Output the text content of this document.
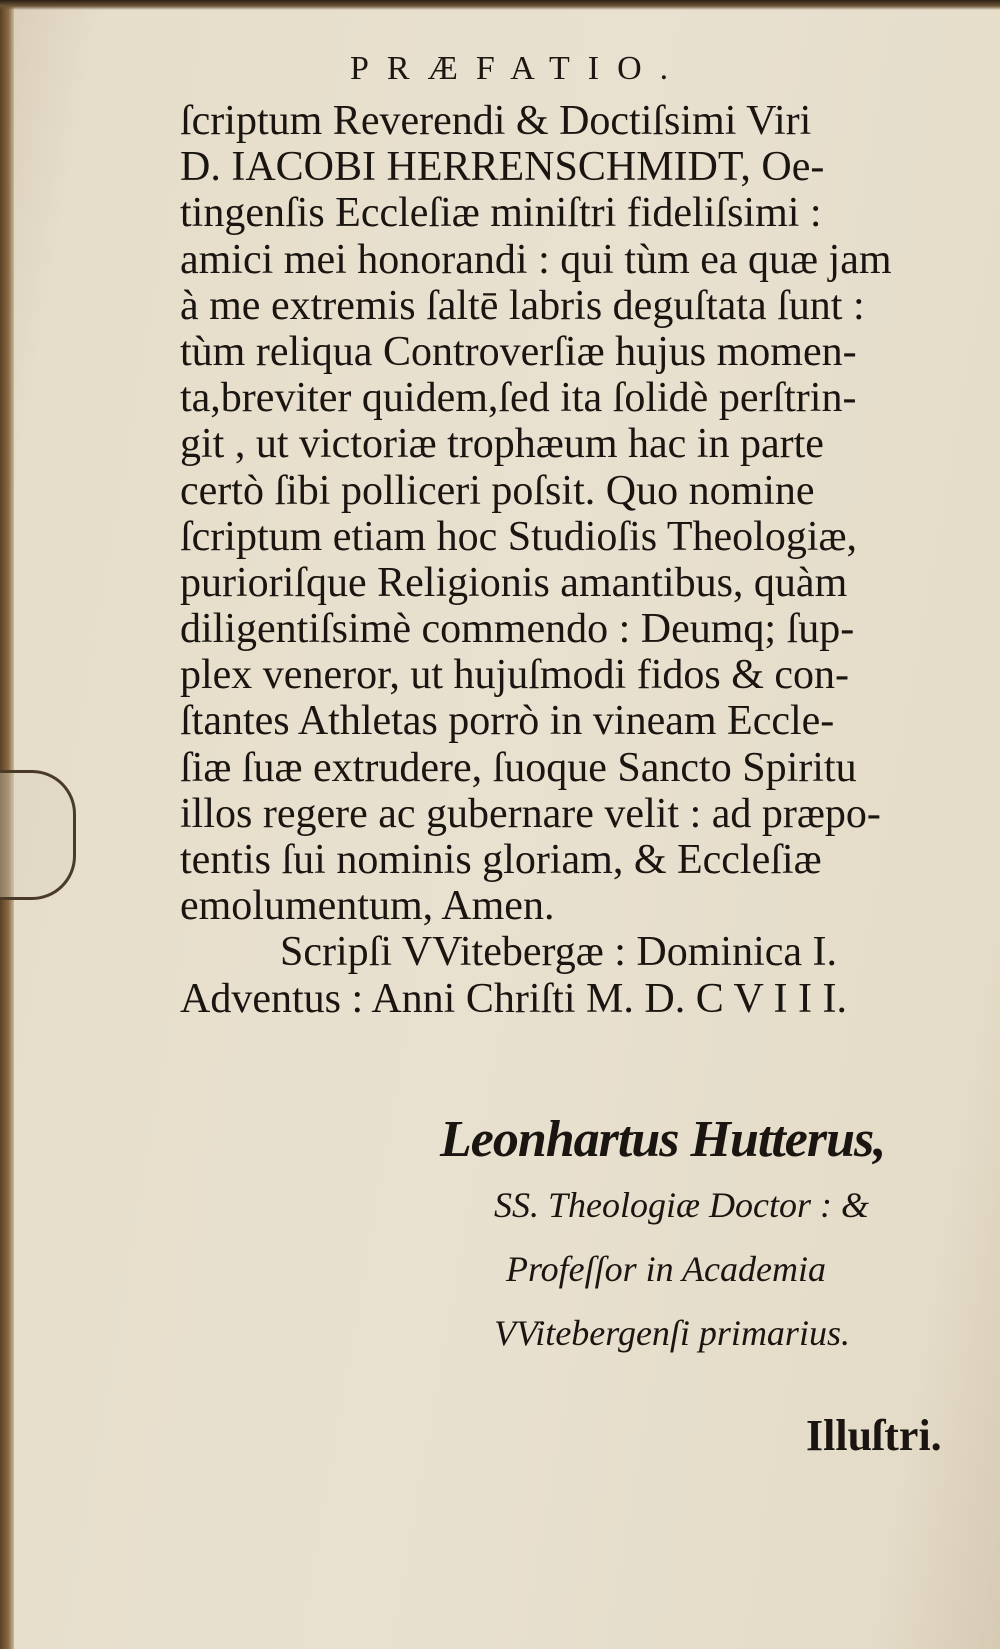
PRÆFATIO.
ſcriptum Reverendi & Doctiſsimi Viri
D. IACOBI HERRENSCHMIDT, Oe-
tingenſis Eccleſiæ miniſtri fideliſsimi :
amici mei honorandi : qui tùm ea quæ jam
à me extremis ſaltē labris deguſtata ſunt :
tùm reliqua Controverſiæ hujus momen-
ta,breviter quidem,ſed ita ſolidè perſtrin-
git , ut victoriæ trophæum hac in parte
certò ſibi polliceri poſsit. Quo nomine
ſcriptum etiam hoc Studioſis Theologiæ,
purioriſque Religionis amantibus, quàm
diligentiſsimè commendo : Deumq; ſup-
plex veneror, ut hujuſmodi fidos & con-
ſtantes Athletas porrò in vineam Eccle-
ſiæ ſuæ extrudere, ſuoque Sancto Spiritu
illos regere ac gubernare velit : ad præpo-
tentis ſui nominis gloriam, & Eccleſiæ
emolumentum, Amen.
Scripſi VVitebergæ : Dominica I.
Adventus : Anni Chriſti M. D. C V I I I.
Leonhartus Hutterus,
SS. Theologiæ Doctor : &
Profeſſor in Academia
VVitebergenſi primarius.
Illuſtri.
